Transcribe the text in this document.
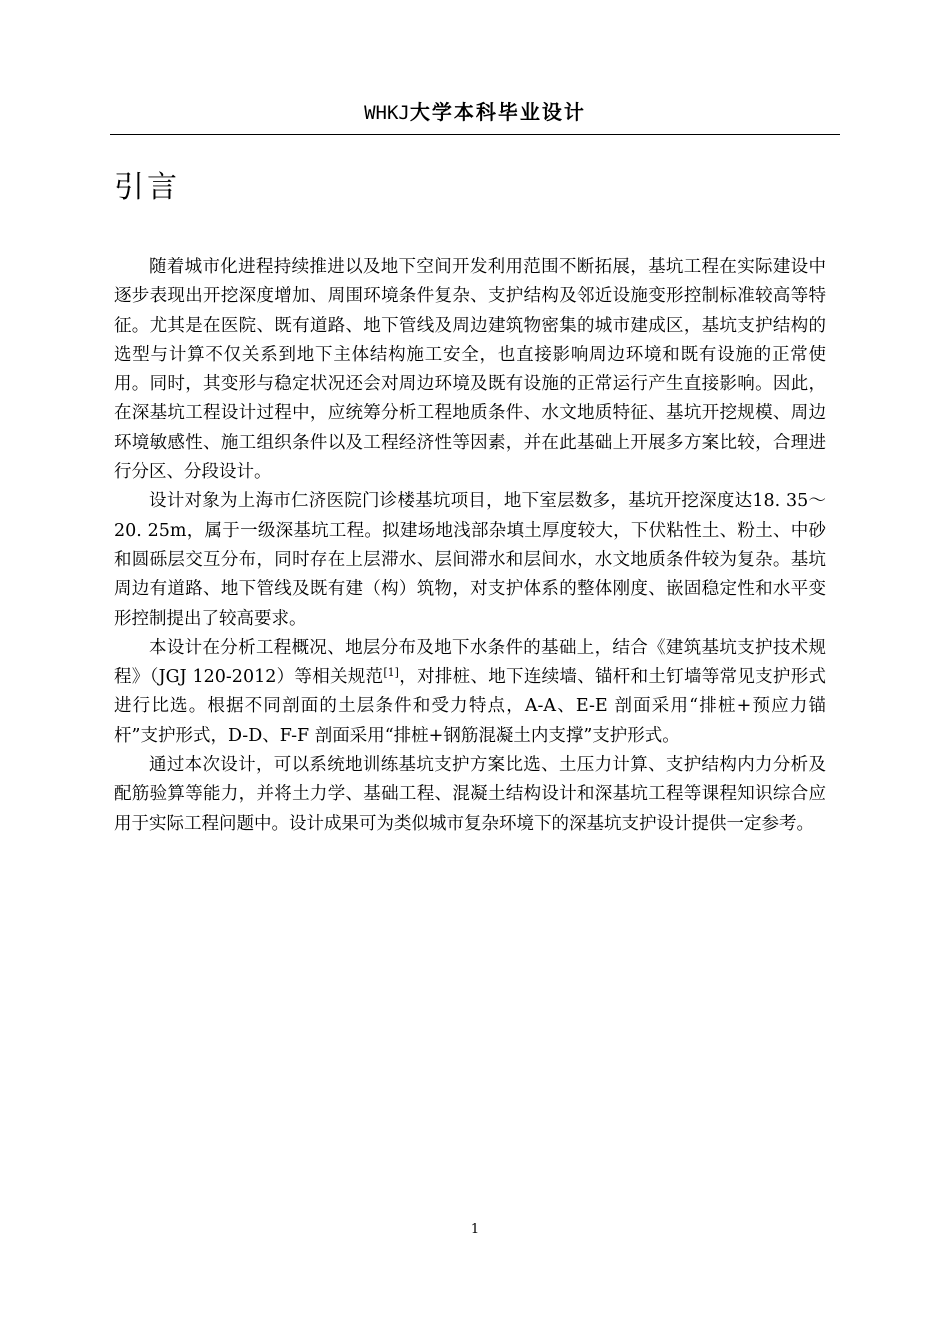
WHKJ大学本科毕业设计
引言

随着城市化进程持续推进以及地下空间开发利用范围不断拓展，基坑工程在实际建设中逐步表现出开挖深度增加、周围环境条件复杂、支护结构及邻近设施变形控制标准较高等特征。尤其是在医院、既有道路、地下管线及周边建筑物密集的城市建成区，基坑支护结构的选型与计算不仅关系到地下主体结构施工安全，也直接影响周边环境和既有设施的正常使用。同时，其变形与稳定状况还会对周边环境及既有设施的正常运行产生直接影响。因此，在深基坑工程设计过程中，应统筹分析工程地质条件、水文地质特征、基坑开挖规模、周边环境敏感性、施工组织条件以及工程经济性等因素，并在此基础上开展多方案比较，合理进行分区、分段设计。

设计对象为上海市仁济医院门诊楼基坑项目，地下室层数多，基坑开挖深度达18. 35～20. 25m，属于一级深基坑工程。拟建场地浅部杂填土厚度较大，下伏粘性土、粉土、中砂和圆砾层交互分布，同时存在上层滞水、层间滞水和层间水，水文地质条件较为复杂。基坑周边有道路、地下管线及既有建（构）筑物，对支护体系的整体刚度、嵌固稳定性和水平变形控制提出了较高要求。

本设计在分析工程概况、地层分布及地下水条件的基础上，结合《建筑基坑支护技术规程》（JGJ 120-2012）等相关规范[1]，对排桩、地下连续墙、锚杆和土钉墙等常见支护形式进行比选。根据不同剖面的土层条件和受力特点，A-A、E-E 剖面采用“排桩+预应力锚杆”支护形式，D-D、F-F 剖面采用“排桩+钢筋混凝土内支撑”支护形式。

通过本次设计，可以系统地训练基坑支护方案比选、土压力计算、支护结构内力分析及配筋验算等能力，并将土力学、基础工程、混凝土结构设计和深基坑工程等课程知识综合应用于实际工程问题中。设计成果可为类似城市复杂环境下的深基坑支护设计提供一定参考。

1
